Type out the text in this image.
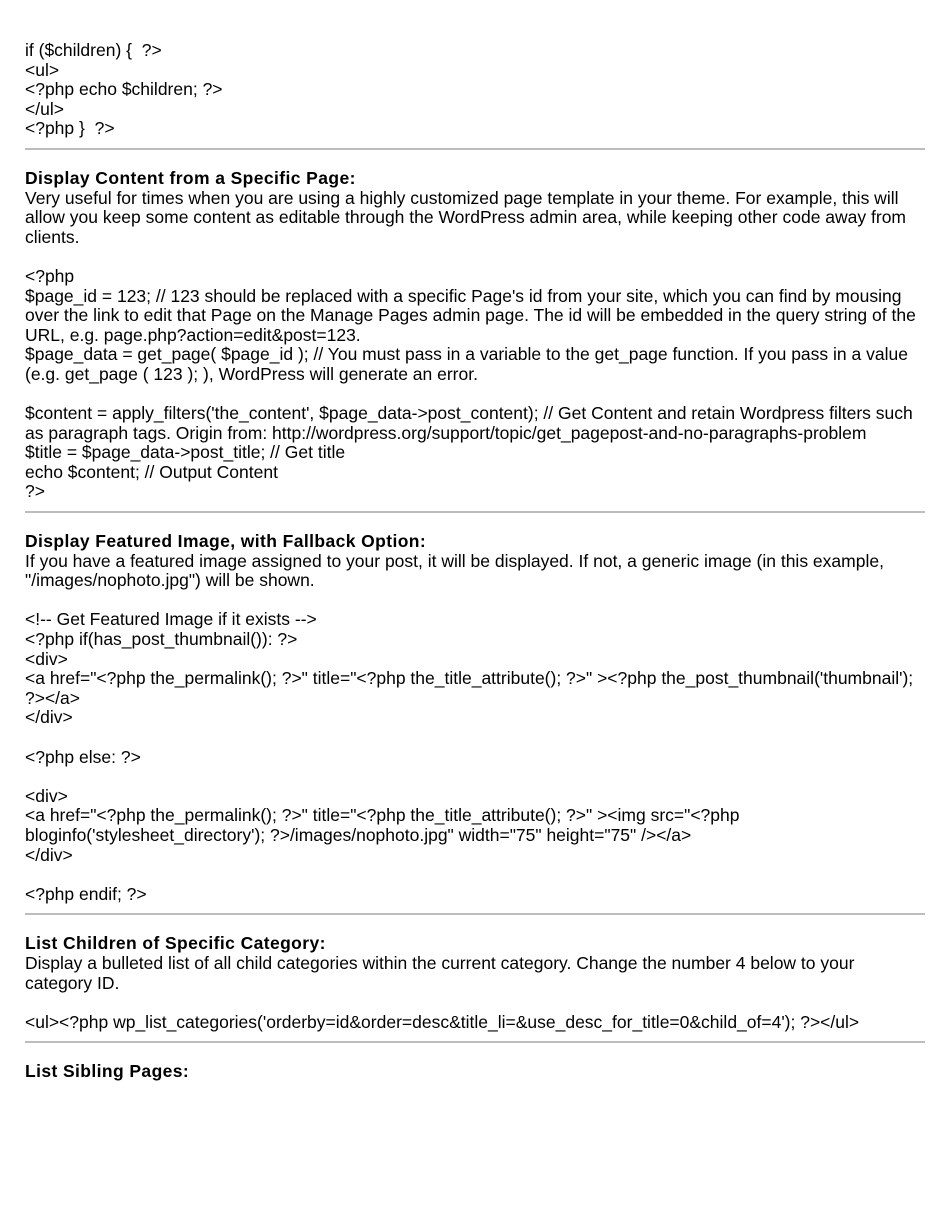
if ($children) {  ?>
<ul>
<?php echo $children; ?>
</ul>
<?php }  ?>

Display Content from a Specific Page:

Very useful for times when you are using a highly customized page template in your theme. For example, this will allow you keep some content as editable through the WordPress admin area, while keeping other code away from clients.

<?php
$page_id = 123; // 123 should be replaced with a specific Page's id from your site, which you can find by mousing over the link to edit that Page on the Manage Pages admin page. The id will be embedded in the query string of the URL, e.g. page.php?action=edit&post=123.
$page_data = get_page( $page_id ); // You must pass in a variable to the get_page function. If you pass in a value (e.g. get_page ( 123 ); ), WordPress will generate an error.
$content = apply_filters('the_content', $page_data->post_content); // Get Content and retain Wordpress filters such as paragraph tags. Origin from: http://wordpress.org/support/topic/get_pagepost-and-no-paragraphs-problem
$title = $page_data->post_title; // Get title
echo $content; // Output Content
?>

Display Featured Image, with Fallback Option:

If you have a featured image assigned to your post, it will be displayed. If not, a generic image (in this example, "/images/nophoto.jpg") will be shown.

<!-- Get Featured Image if it exists -->
<?php if(has_post_thumbnail()): ?>
<div>
<a href="<?php the_permalink(); ?>" title="<?php the_title_attribute(); ?>" ><?php the_post_thumbnail('thumbnail'); ?></a>
</div>
<?php else: ?>
<div>
<a href="<?php the_permalink(); ?>" title="<?php the_title_attribute(); ?>" ><img src="<?php bloginfo('stylesheet_directory'); ?>/images/nophoto.jpg" width="75" height="75" /></a>
</div>
<?php endif; ?>

List Children of Specific Category:

Display a bulleted list of all child categories within the current category. Change the number 4 below to your category ID.

<ul><?php wp_list_categories('orderby=id&order=desc&title_li=&use_desc_for_title=0&child_of=4'); ?></ul>

List Sibling Pages:
